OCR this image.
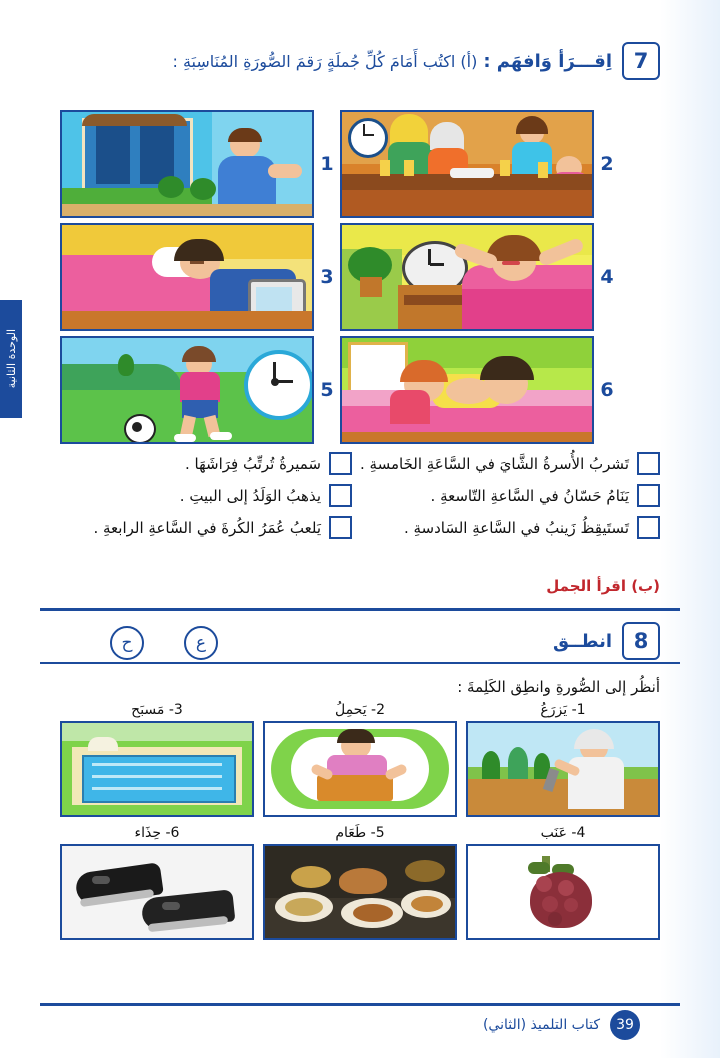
الوحدة الثانية
7
اِقـــرَأ وَافهَم :
(أ) اكتُب أَمَامَ كُلِّ جُملَةٍ رَقمَ الصُّورَةِ المُنَاسِبَةِ :
1	2
3	4
5	6
تَشربُ الأُسرةُ الشَّايَ في السَّاعَةِ الخَامسةِ .
سَميرةُ تُرتِّبُ فِرَاشَهَا .
يَنَامُ حَسّانُ في السَّاعةِ التّاسعةِ .
يذهبُ الوَلَدُ إلى البيتِ .
تَستَيقِظُ زَينبُ في السَّاعةِ السَادسةِ .
يَلعبُ عُمَرُ الكُرةَ في السَّاعةِ الرابعةِ .
(ب) اقرأ الجمل
8
انطــق
ع
ح
أنظُر إلى الصُّورةِ وانطِق الكَلِمةَ :
1- يَزرَعُ
2- يَحمِلُ
3- مَسبَح
4- عَنَب
5- طَعَام
6- حِذَاء
39
كتاب التلميذ (الثاني)
